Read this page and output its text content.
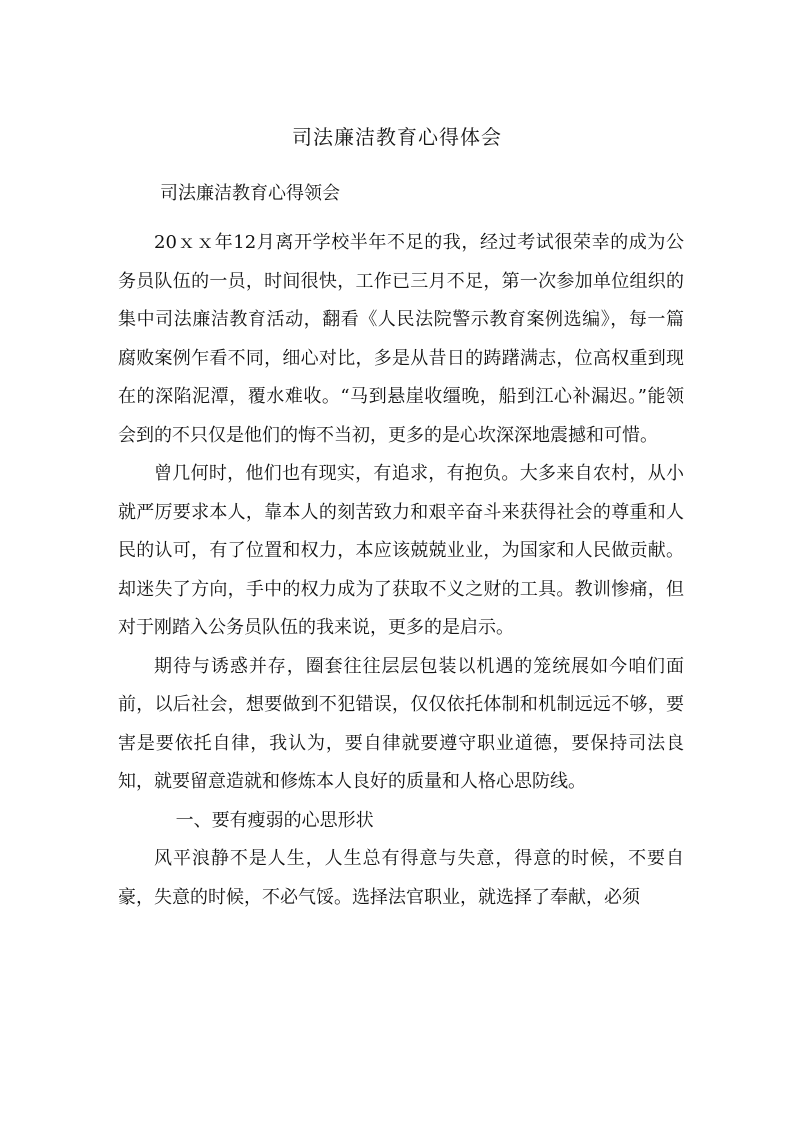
司法廉洁教育心得体会
司法廉洁教育心得领会

20ｘｘ年12月离开学校半年不足的我，经过考试很荣幸的成为公务员队伍的一员，时间很快，工作已三月不足，第一次参加单位组织的集中司法廉洁教育活动，翻看《人民法院警示教育案例选编》，每一篇腐败案例乍看不同，细心对比，多是从昔日的踌躇满志，位高权重到现在的深陷泥潭，覆水难收。“马到悬崖收缰晚，船到江心补漏迟。”能领会到的不只仅是他们的悔不当初，更多的是心坎深深地震撼和可惜。

曾几何时，他们也有现实，有追求，有抱负。大多来自农村，从小就严厉要求本人，靠本人的刻苦致力和艰辛奋斗来获得社会的尊重和人民的认可，有了位置和权力，本应该兢兢业业，为国家和人民做贡献。却迷失了方向，手中的权力成为了获取不义之财的工具。教训惨痛，但对于刚踏入公务员队伍的我来说，更多的是启示。

期待与诱惑并存，圈套往往层层包装以机遇的笼统展如今咱们面前，以后社会，想要做到不犯错误，仅仅依托体制和机制远远不够，要害是要依托自律，我认为，要自律就要遵守职业道德，要保持司法良知，就要留意造就和修炼本人良好的质量和人格心思防线。

一、要有瘦弱的心思形状

风平浪静不是人生，人生总有得意与失意，得意的时候，不要自豪，失意的时候，不必气馁。选择法官职业，就选择了奉献，必须
